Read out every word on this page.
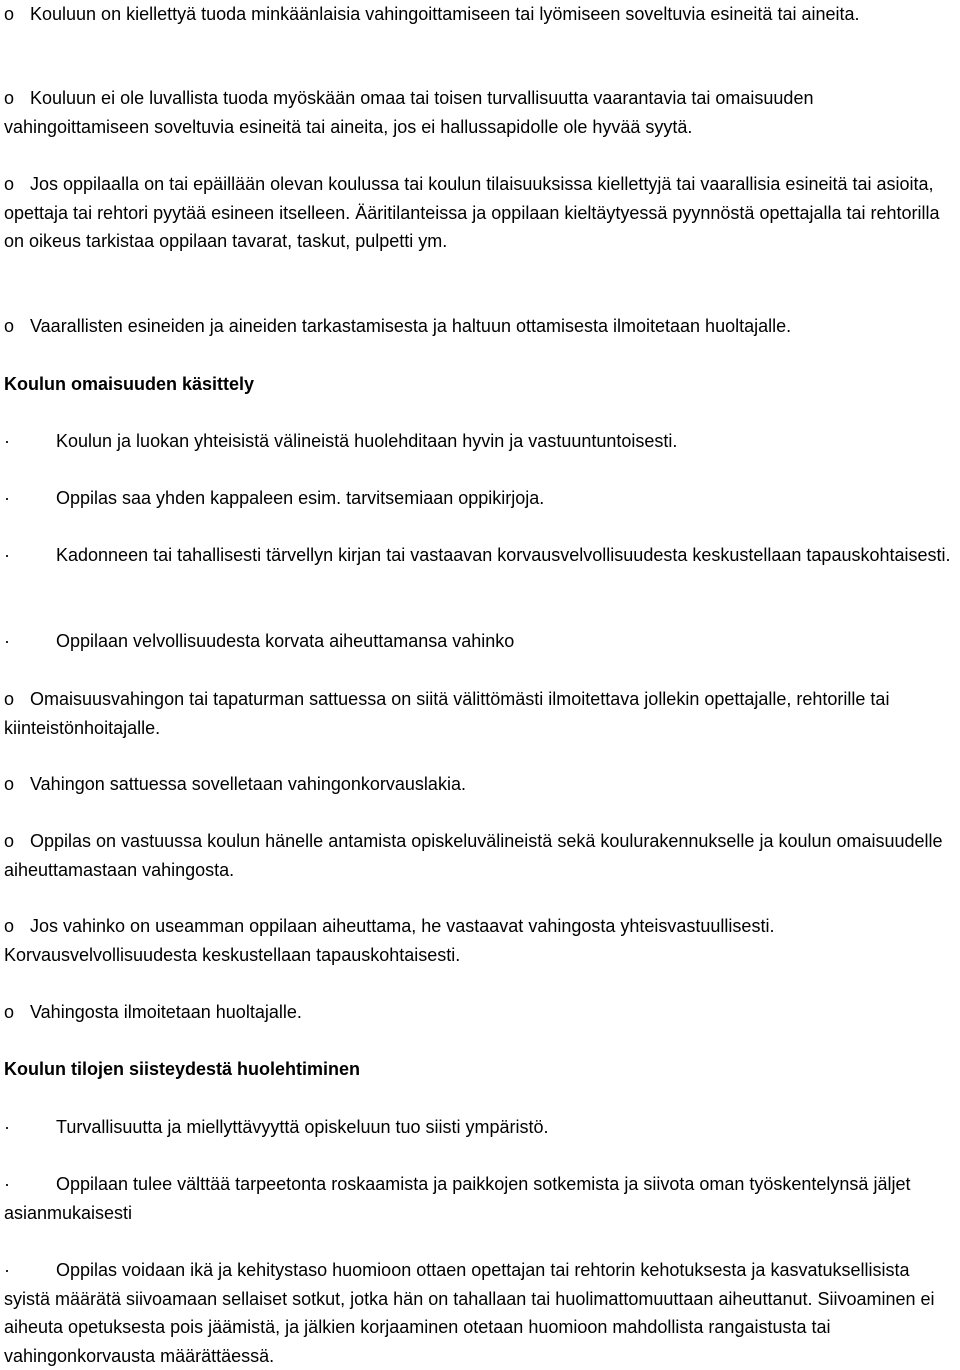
o Kouluun on kiellettyä tuoda minkäänlaisia vahingoittamiseen tai lyömiseen soveltuvia esineitä tai aineita.
o Kouluun ei ole luvallista tuoda myöskään omaa tai toisen turvallisuutta vaarantavia tai omaisuuden vahingoittamiseen soveltuvia esineitä tai aineita, jos ei hallussapidolle ole hyvää syytä.
o Jos oppilaalla on tai epäillään olevan koulussa tai koulun tilaisuuksissa kiellettyjä tai vaarallisia esineitä tai asioita, opettaja tai rehtori pyytää esineen itselleen. Ääritilanteissa ja oppilaan kieltäytyessä pyynnöstä opettajalla tai rehtorilla on oikeus tarkistaa oppilaan tavarat, taskut, pulpetti ym.
o Vaarallisten esineiden ja aineiden tarkastamisesta ja haltuun ottamisesta ilmoitetaan huoltajalle.
Koulun omaisuuden käsittely
·	Koulun ja luokan yhteisistä välineistä huolehditaan hyvin ja vastuuntuntoisesti.
·	Oppilas saa yhden kappaleen esim. tarvitsemiaan oppikirjoja.
·	Kadonneen tai tahallisesti tärvellyn kirjan tai vastaavan korvausvelvollisuudesta keskustellaan tapauskohtaisesti.
·	Oppilaan velvollisuudesta korvata aiheuttamansa vahinko
o Omaisuusvahingon tai tapaturman sattuessa on siitä välittömästi ilmoitettava jollekin opettajalle, rehtorille tai kiinteistönhoitajalle.
o Vahingon sattuessa sovelletaan vahingonkorvauslakia.
o Oppilas on vastuussa koulun hänelle antamista opiskeluvälineistä sekä koulurakennukselle ja koulun omaisuudelle aiheuttamastaan vahingosta.
o Jos vahinko on useamman oppilaan aiheuttama, he vastaavat vahingosta yhteisvastuullisesti. Korvausvelvollisuudesta keskustellaan tapauskohtaisesti.
o Vahingosta ilmoitetaan huoltajalle.
Koulun tilojen siisteydestä huolehtiminen
·	Turvallisuutta ja miellyttävyyttä opiskeluun tuo siisti ympäristö.
·	Oppilaan tulee välttää tarpeetonta roskaamista ja paikkojen sotkemista ja siivota oman työskentelynsä jäljet asianmukaisesti
·	Oppilas voidaan ikä ja kehitystaso huomioon ottaen opettajan tai rehtorin kehotuksesta ja kasvatuksellisista syistä määrätä siivoamaan sellaiset sotkut, jotka hän on tahallaan tai huolimattomuuttaan aiheuttanut. Siivoaminen ei aiheuta opetuksesta pois jäämistä, ja jälkien korjaaminen otetaan huomioon mahdollista rangaistusta tai vahingonkorvausta määrättäessä.
